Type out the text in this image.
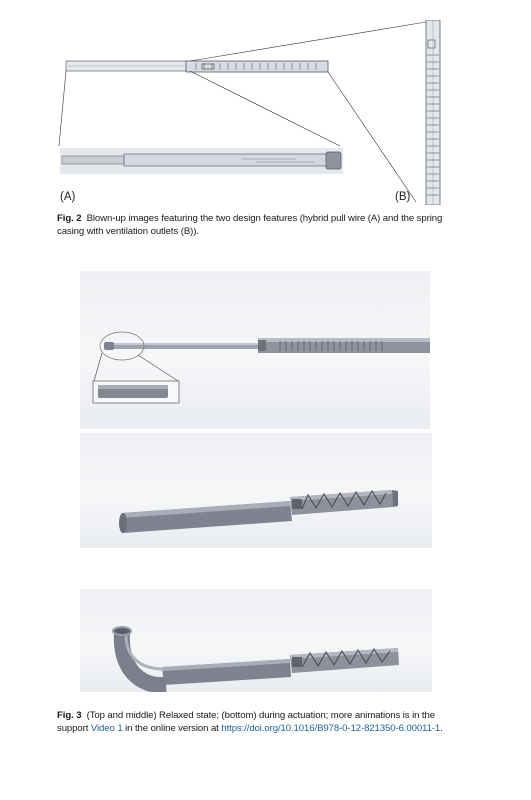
(A)	(B)
Fig. 2 Blown-up images featuring the two design features (hybrid pull wire (A) and the spring casing with ventilation outlets (B)).
Fig. 3 (Top and middle) Relaxed state; (bottom) during actuation; more animations is in the support Video 1 in the online version at https://doi.org/10.1016/B978-0-12-821350-6.00011-1.
